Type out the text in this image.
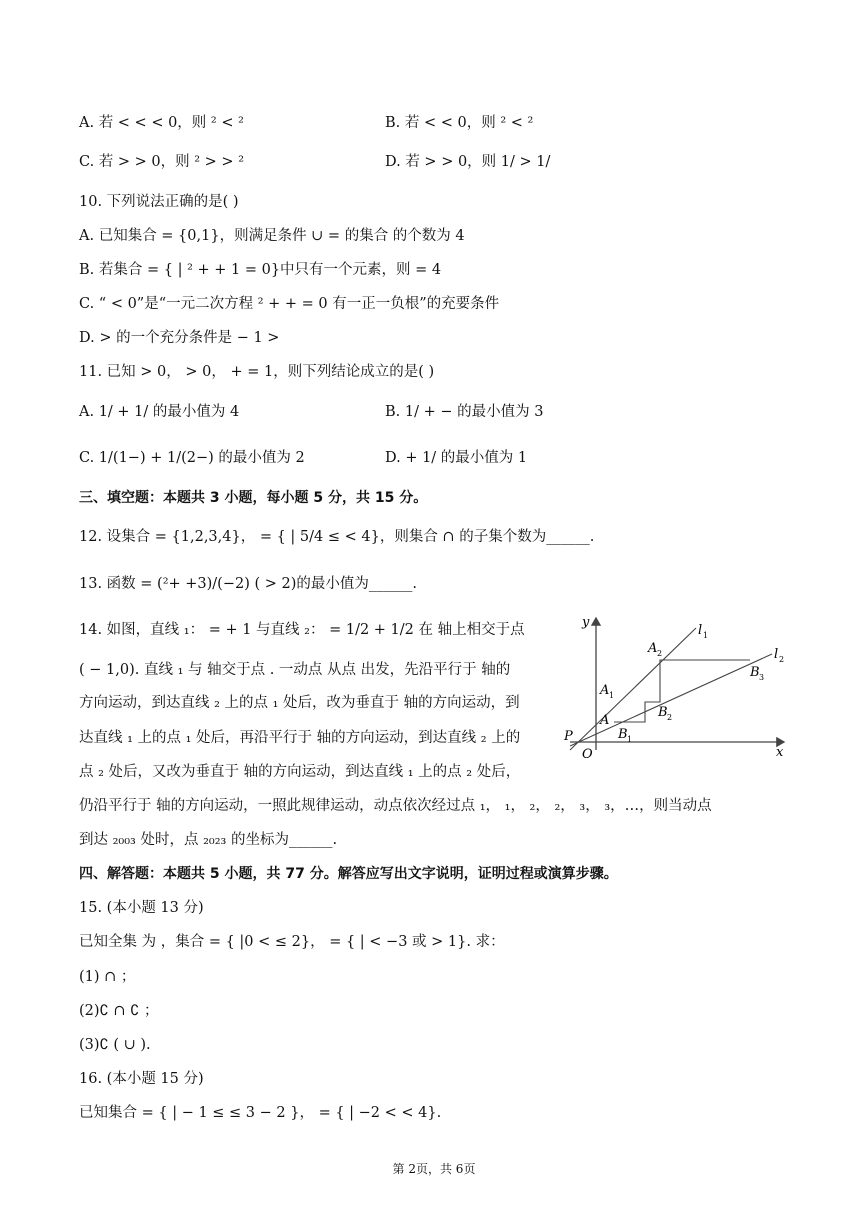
A. 若 < < < 0，则 ² < ²	B. 若 < < 0，则 ² < ²
C. 若 > > 0，则 ² > > ²	D. 若 > > 0，则 1/ > 1/
10. 下列说法正确的是( )
A. 已知集合 = {0,1}，则满足条件 ∪ = 的集合 的个数为 4
B. 若集合 = { | ² + + 1 = 0}中只有一个元素，则 = 4
C. “ < 0”是“一元二次方程 ² + + = 0 有一正一负根”的充要条件
D. > 的一个充分条件是 − 1 >
11. 已知 > 0， > 0， + = 1，则下列结论成立的是( )
A. 1/ + 1/ 的最小值为 4	B. 1/ + − 的最小值为 3
C. 1/(1−) + 1/(2−) 的最小值为 2	D. + 1/ 的最小值为 1
三、填空题：本题共 3 小题，每小题 5 分，共 15 分。
12. 设集合 = {1,2,3,4}， = { | 5/4 ≤ < 4}，则集合 ∩ 的子集个数为______.
13. 函数 = (²+ +3)/(−2) ( > 2)的最小值为______.
14. 如图，直线 ₁： = + 1 与直线 ₂： = 1/2 + 1/2 在 轴上相交于点
( − 1,0). 直线 ₁ 与 轴交于点 . 一动点 从点 出发，先沿平行于 轴的
方向运动，到达直线 ₂ 上的点 ₁ 处后，改为垂直于 轴的方向运动，到
达直线 ₁ 上的点 ₁ 处后，再沿平行于 轴的方向运动，到达直线 ₂ 上的
点 ₂ 处后，又改为垂直于 轴的方向运动，到达直线 ₁ 上的点 ₂ 处后，
仍沿平行于 轴的方向运动，一照此规律运动，动点依次经过点 ₁， ₁， ₂， ₂， ₃， ₃，…，则当动点
到达 ₂₀₀₃ 处时，点 ₂₀₂₃ 的坐标为______.
四、解答题：本题共 5 小题，共 77 分。解答应写出文字说明，证明过程或演算步骤。
15. (本小题 13 分)
已知全集 为 ，集合 = { |0 < ≤ 2}， = { | < −3 或 > 1}. 求：
(1) ∩ ；
(2)∁ ∩ ∁ ；
(3)∁ ( ∪ ).
16. (本小题 15 分)
已知集合 = { | − 1 ≤ ≤ 3 − 2 }， = { | −2 < < 4}.
y
x
O
P
l 1
l 2
A
A 1
A 2
B 1
B 2
B 3
第 2页，共 6页
